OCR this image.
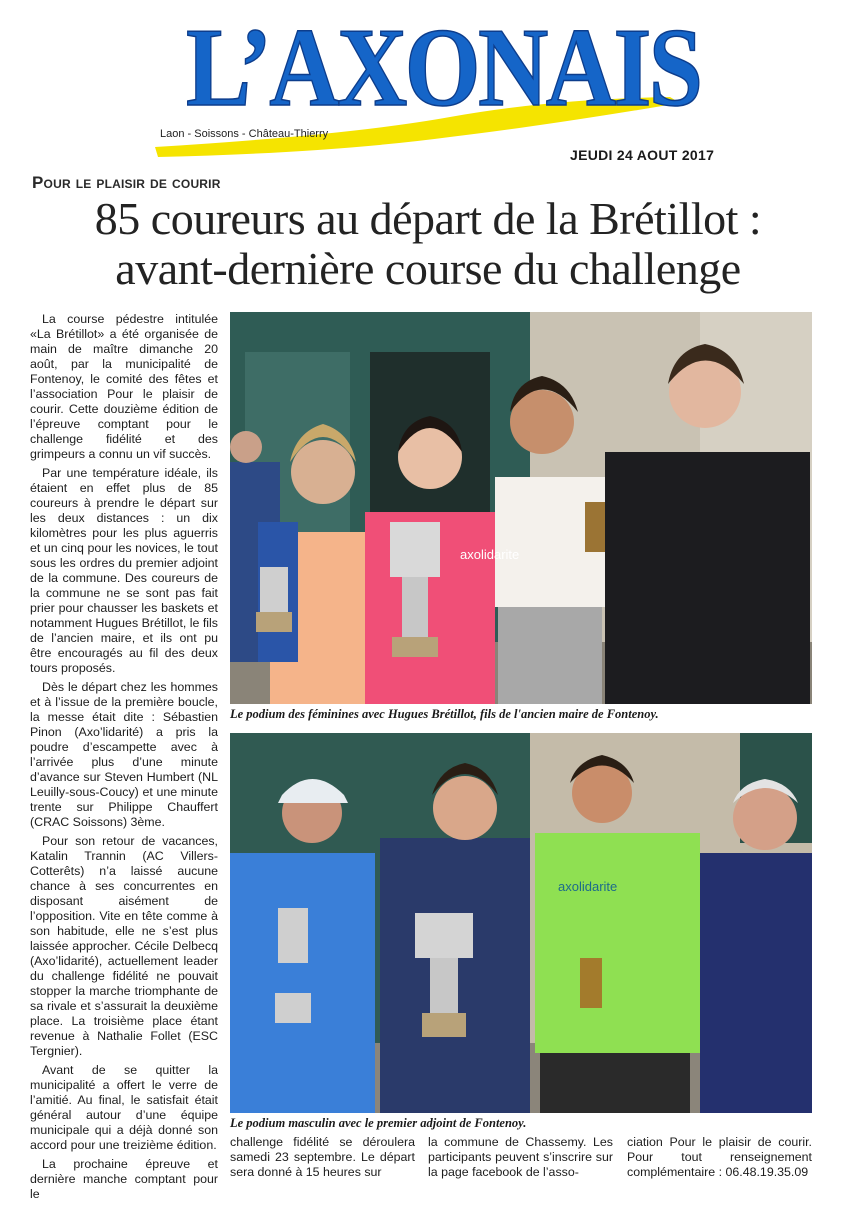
L’AXONAIS
Laon - Soissons - Château-Thierry
JEUDI 24 AOUT 2017
Pour le plaisir de courir
85 coureurs au départ de la Brétillot :
avant-dernière course du challenge

La course pédestre intitulée «La Brétillot» a été organisée de main de maître dimanche 20 août, par la municipalité de Fontenoy, le comité des fêtes et l’association Pour le plaisir de courir. Cette douzième édition de l’épreuve comptant pour le challenge fidélité et des grimpeurs a connu un vif succès.

Par une température idéale, ils étaient en effet plus de 85 coureurs à prendre le départ sur les deux distances : un dix kilomètres pour les plus aguerris et un cinq pour les novices, le tout sous les ordres du premier adjoint de la commune. Des coureurs de la commune ne se sont pas fait prier pour chausser les baskets et notamment Hugues Brétillot, le fils de l’ancien maire, et ils ont pu être encouragés au fil des deux tours proposés.

Dès le départ chez les hommes et à l’issue de la première boucle, la messe était dite : Sébastien Pinon (Axo’lidarité) a pris la poudre d’escampette avec à l’arrivée plus d’une minute d’avance sur Steven Humbert (NL Leuilly-sous-Coucy) et une minute trente sur Philippe Chauffert (CRAC Soissons) 3ème.

Pour son retour de vacances, Katalin Trannin (AC Villers-Cotterêts) n’a laissé aucune chance à ses concurrentes en disposant aisément de l’opposition. Vite en tête comme à son habitude, elle ne s’est plus laissée approcher. Cécile Delbecq (Axo’lidarité), actuellement leader du challenge fidélité ne pouvait stopper la marche triomphante de sa rivale et s’assurait la deuxième place. La troisième place étant revenue à Nathalie Follet (ESC Tergnier).

Avant de se quitter la municipalité a offert le verre de l’amitié. Au final, le satisfait était général autour d’une équipe municipale qui a déjà donné son accord pour une treizième édition.

La prochaine épreuve et dernière manche comptant pour le

axolidarite
Le podium des féminines avec Hugues Brétillot, fils de l'ancien maire de Fontenoy.
axolidarite
Le podium masculin avec le premier adjoint de Fontenoy.
challenge fidélité se déroulera samedi 23 septembre. Le départ sera donné à 15 heures sur
la commune de Chassemy. Les participants peuvent s’inscrire sur la page facebook de l’asso-
ciation Pour le plaisir de courir. Pour tout renseignement complémentaire : 06.48.19.35.09
